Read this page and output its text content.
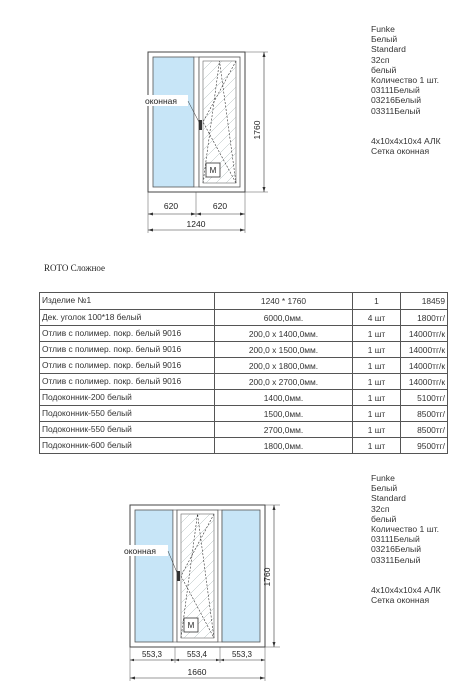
M
оконная
1760
620	620
1240
Funke
Белый
Standard
32сп
белый
Количество 1 шт.
03111Белый
03216Белый
03311Белый
4x10x4x10x4 АЛК
Сетка оконная
ROTO Сложное
Изделие №1	1240 * 1760	1	18459
Дек. уголок 100*18 белый	6000,0мм.	4 шт	1800тг/
Отлив с полимер. покр. белый 9016	200,0 x 1400,0мм.	1 шт	14000тг/к
Отлив с полимер. покр. белый 9016	200,0 x 1500,0мм.	1 шт	14000тг/к
Отлив с полимер. покр. белый 9016	200,0 x 1800,0мм.	1 шт	14000тг/к
Отлив с полимер. покр. белый 9016	200,0 x 2700,0мм.	1 шт	14000тг/к
Подоконник-200 белый	1400,0мм.	1 шт	5100тг/
Подоконник-550 белый	1500,0мм.	1 шт	8500тг/
Подоконник-550 белый	2700,0мм.	1 шт	8500тг/
Подоконник-600 белый	1800,0мм.	1 шт	9500тг/
M
оконная
1760
553,3	553,4	553,3
1660
Funke
Белый
Standard
32сп
белый
Количество 1 шт.
03111Белый
03216Белый
03311Белый
4x10x4x10x4 АЛК
Сетка оконная
